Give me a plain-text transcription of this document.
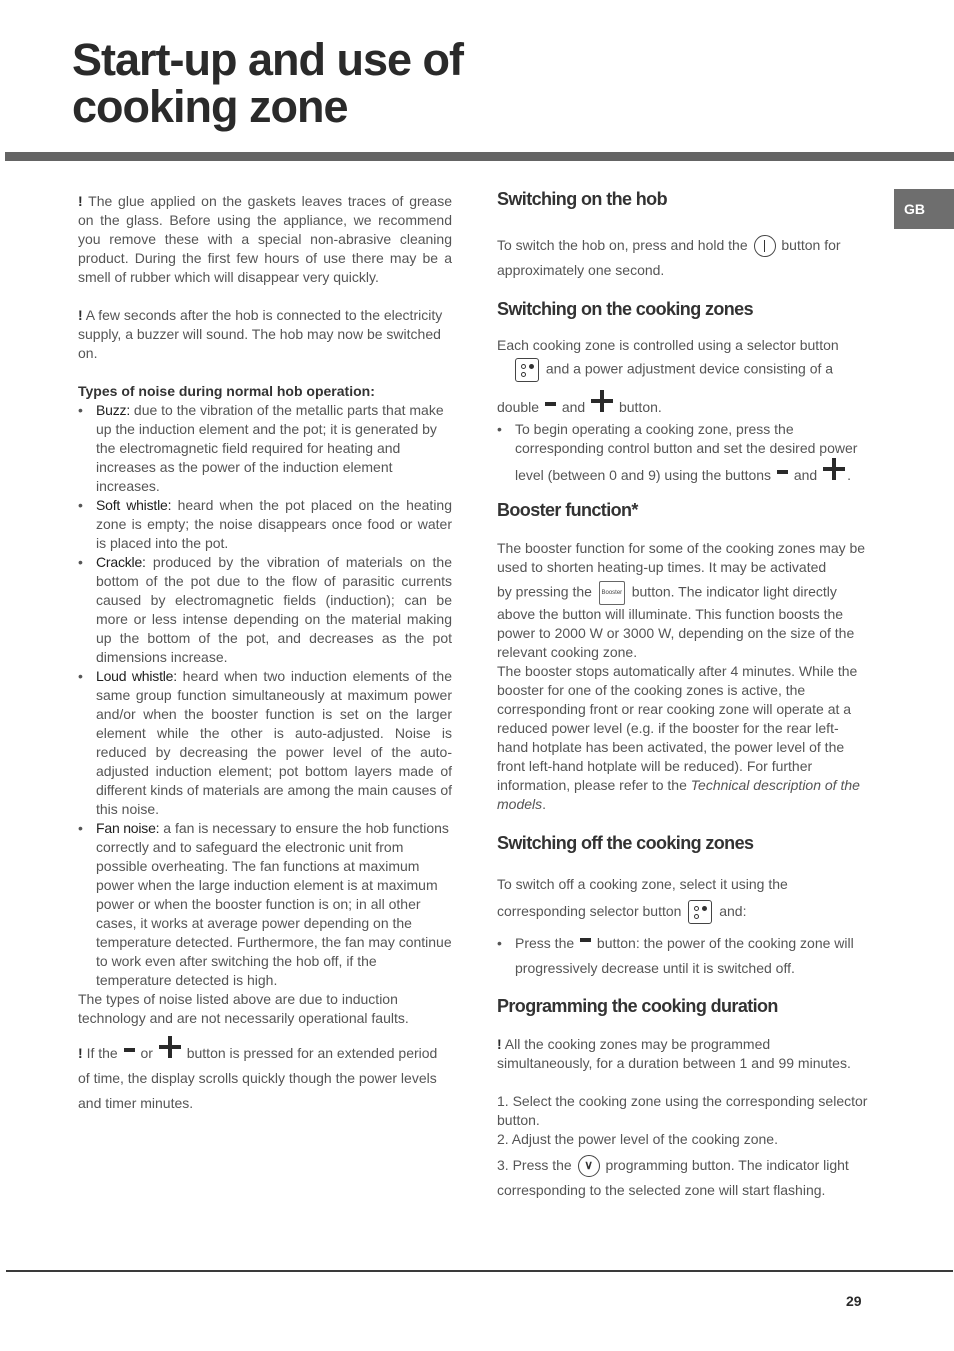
Start-up and use of
cooking zone
GB

! The glue applied on the gaskets leaves traces of grease on the glass. Before using the appliance, we recommend you remove these with a special non-abrasive cleaning product. During the first few hours of use there may be a smell of rubber which will disappear very quickly.

! A few seconds after the hob is connected to the electricity supply, a buzzer will sound. The hob may now be switched on.

Types of noise during normal hob operation:

• Buzz: due to the vibration of the metallic parts that make up the induction element and the pot; it is generated by the electromagnetic field required for heating and increases as the power of the induction element increases.
• Soft whistle: heard when the pot placed on the heating zone is empty; the noise disappears once food or water is placed into the pot.
• Crackle: produced by the vibration of materials on the bottom of the pot due to the flow of parasitic currents caused by electromagnetic fields (induction); can be more or less intense depending on the material making up the bottom of the pot, and decreases as the pot dimensions increase.
• Loud whistle: heard when two induction elements of the same group function simultaneously at maximum power and/or when the booster function is set on the larger element while the other is auto-adjusted. Noise is reduced by decreasing the power level of the auto-adjusted induction element; pot bottom layers made of different kinds of materials are among the main causes of this noise.
• Fan noise: a fan is necessary to ensure the hob functions correctly and to safeguard the electronic unit from possible overheating. The fan functions at maximum power when the large induction element is at maximum power or when the booster function is on; in all other cases, it works at average power depending on the temperature detected. Furthermore, the fan may continue to work even after switching the hob off, if the temperature detected is high.

The types of noise listed above are due to induction technology and are not necessarily operational faults.

! If the or button is pressed for an extended period of time, the display scrolls quickly though the power levels and timer minutes.

Switching on the hob

To switch the hob on, press and hold the button for approximately one second.

Switching on the cooking zones

Each cooking zone is controlled using a selector button

and a power adjustment device consisting of a

double and button.

• To begin operating a cooking zone, press the corresponding control button and set the desired power level (between 0 and 9) using the buttons and .
Booster function*

The booster function for some of the cooking zones may be used to shorten heating-up times. It may be activated

by pressing the Booster button. The indicator light directly above the button will illuminate. This function boosts the power to 2000 W or 3000 W, depending on the size of the relevant cooking zone.

The booster stops automatically after 4 minutes. While the booster for one of the cooking zones is active, the corresponding front or rear cooking zone will operate at a reduced power level (e.g. if the booster for the rear left-hand hotplate has been activated, the power level of the front left-hand hotplate will be reduced). For further information, please refer to the Technical description of the models.

Switching off the cooking zones

To switch off a cooking zone, select it using the corresponding selector button	and:

• Press the button: the power of the cooking zone will progressively decrease until it is switched off.
Programming the cooking duration

! All the cooking zones may be programmed simultaneously, for a duration between 1 and 99 minutes.

1. Select the cooking zone using the corresponding selector button.

2. Adjust the power level of the cooking zone.

3. Press the ∨ programming button. The indicator light corresponding to the selected zone will start flashing.

29
